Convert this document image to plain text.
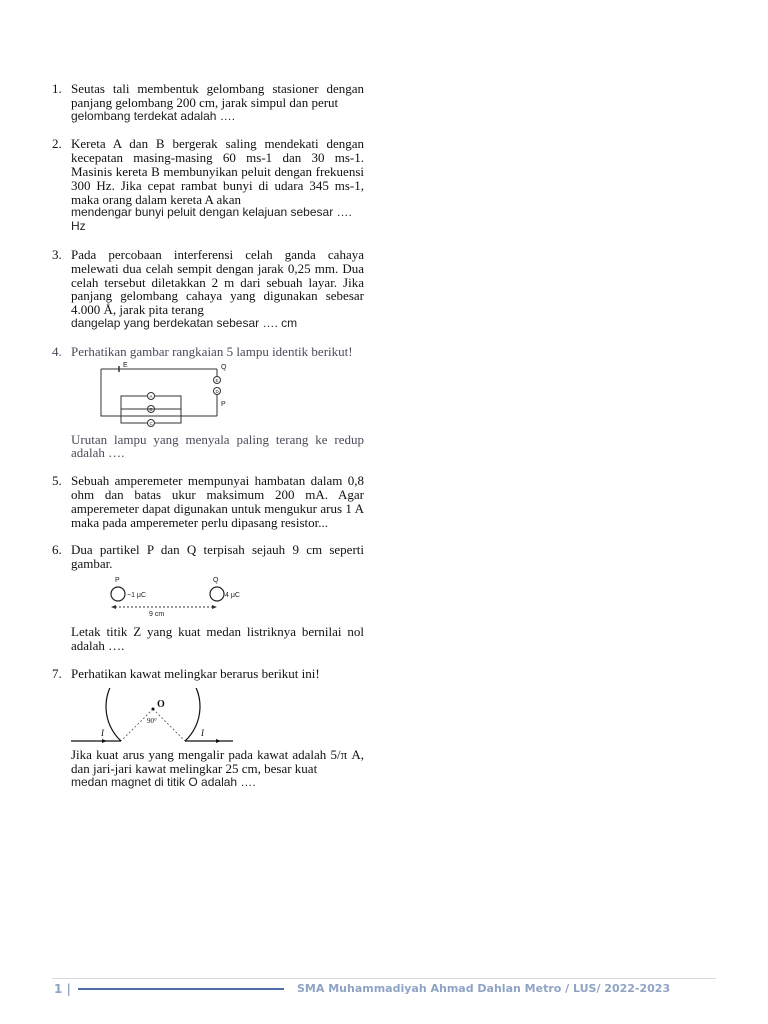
1. Seutas tali membentuk gelombang stasioner dengan panjang gelombang 200 cm, jarak simpul dan perut

gelombang terdekat adalah ….
2. Kereta A dan B bergerak saling mendekati dengan kecepatan masing-masing 60 ms-1 dan 30 ms-1. Masinis kereta B membunyikan peluit dengan frekuensi 300 Hz. Jika cepat rambat bunyi di udara 345 ms-1, maka orang dalam kereta A akan

mendengar bunyi peluit dengan kelajuan sebesar …. Hz
3. Pada percobaan interferensi celah ganda cahaya melewati dua celah sempit dengan jarak 0,25 mm. Dua celah tersebut diletakkan 2 m dari sebuah layar. Jika panjang gelombang cahaya yang digunakan sebesar 4.000 Å, jarak pita terang

dangelap yang berdekatan sebesar …. cm
4. Perhatikan gambar rangkaian 5 lampu identik berikut!

E	Q
P
A
B
C
E
D

Urutan lampu yang menyala paling terang ke redup adalah ….

5. Sebuah amperemeter mempunyai hambatan dalam 0,8 ohm dan batas ukur maksimum 200 mA. Agar amperemeter dapat digunakan untuk mengukur arus 1 A maka pada amperemeter perlu dipasang resistor...

6. Dua partikel P dan Q terpisah sejauh 9 cm seperti gambar.

P	Q
−1 μC	4 μC
9 cm

Letak titik Z yang kuat medan listriknya bernilai nol adalah ….

7. Perhatikan kawat melingkar berarus berikut ini!

O
90°
I	I

Jika kuat arus yang mengalir pada kawat adalah 5/π A, dan jari-jari kawat melingkar 25 cm, besar kuat

medan magnet di titik O adalah ….
1 |	SMA Muhammadiyah Ahmad Dahlan Metro / LUS/ 2022-2023
